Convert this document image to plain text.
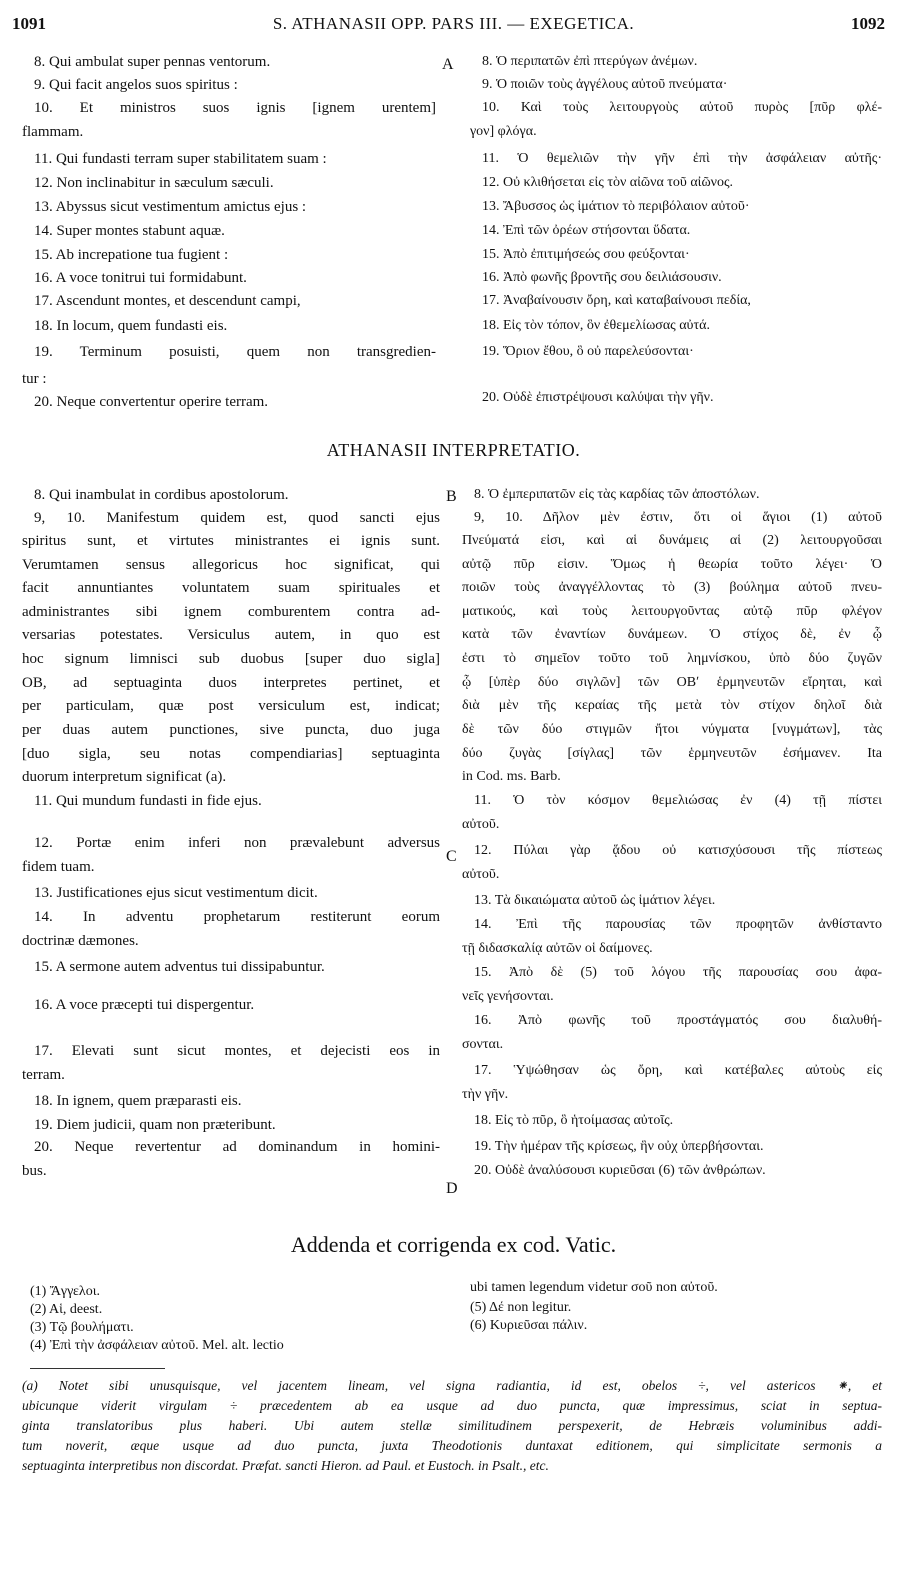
1091	S. ATHANASII OPP. PARS III. — EXEGETICA.	1092
8. Qui ambulat super pennas ventorum.
9. Qui facit angelos suos spiritus :
10. Et ministros suos ignis [ignem urentem]
flammam.
11. Qui fundasti terram super stabilitatem suam :
12. Non inclinabitur in sæculum sæculi.
13. Abyssus sicut vestimentum amictus ejus :
14. Super montes stabunt aquæ.
15. Ab increpatione tua fugient :
16. A voce tonitrui tui formidabunt.
17. Ascendunt montes, et descendunt campi,
18. In locum, quem fundasti eis.
19. Terminum posuisti, quem non transgredien-
tur :
20. Neque convertentur operire terram.
8. Ὁ περιπατῶν ἐπὶ πτερύγων ἀνέμων.
9. Ὁ ποιῶν τοὺς ἀγγέλους αὐτοῦ πνεύματα·
10. Καὶ τοὺς λειτουργοὺς αὐτοῦ πυρὸς [πῦρ φλέ-
γον] φλόγα.
11. Ὁ θεμελιῶν τὴν γῆν ἐπὶ τὴν ἀσφάλειαν αὐτῆς·
12. Οὐ κλιθήσεται εἰς τὸν αἰῶνα τοῦ αἰῶνος.
13. Ἄβυσσος ὡς ἱμάτιον τὸ περιβόλαιον αὐτοῦ·
14. Ἐπὶ τῶν ὀρέων στήσονται ὕδατα.
15. Ἀπὸ ἐπιτιμήσεώς σου φεύξονται·
16. Ἀπὸ φωνῆς βροντῆς σου δειλιάσουσιν.
17. Ἀναβαίνουσιν ὄρη, καὶ καταβαίνουσι πεδία,
18. Εἰς τὸν τόπον, ὃν ἐθεμελίωσας αὐτά.
19. Ὅριον ἔθου, ὃ οὐ παρελεύσονται·
20. Οὐδὲ ἐπιστρέψουσι καλύψαι τὴν γῆν.
A
ATHANASII INTERPRETATIO.
8. Qui inambulat in cordibus apostolorum.
9, 10. Manifestum quidem est, quod sancti ejus
spiritus sunt, et virtutes ministrantes ei ignis sunt.
Verumtamen sensus allegoricus hoc significat, qui
facit annuntiantes voluntatem suam spirituales et
administrantes sibi ignem comburentem contra ad-
versarias potestates. Versiculus autem, in quo est
hoc signum limnisci sub duobus [super duo sigla]
OB, ad septuaginta duos interpretes pertinet, et
per particulam, quæ post versiculum est, indicat;
per duas autem punctiones, sive puncta, duo juga
[duo sigla, seu notas compendiarias] septuaginta
duorum interpretum significat (a).
11. Qui mundum fundasti in fide ejus.
12. Portæ enim inferi non prævalebunt adversus
fidem tuam.
13. Justificationes ejus sicut vestimentum dicit.
14. In adventu prophetarum restiterunt eorum
doctrinæ dæmones.
15. A sermone autem adventus tui dissipabuntur.
16. A voce præcepti tui dispergentur.
17. Elevati sunt sicut montes, et dejecisti eos in
terram.
18. In ignem, quem præparasti eis.
19. Diem judicii, quam non præteribunt.
20. Neque revertentur ad dominandum in homini-
bus.
8. Ὁ ἐμπεριπατῶν εἰς τὰς καρδίας τῶν ἀποστόλων.
9, 10. Δῆλον μὲν ἐστιν, ὅτι οἱ ἅγιοι (1) αὐτοῦ
Πνεύματά εἰσι, καὶ αἱ δυνάμεις αἱ (2) λειτουργοῦσαι
αὐτῷ πῦρ εἰσιν. Ὅμως ἡ θεωρία τοῦτο λέγει· Ὁ
ποιῶν τοὺς ἀναγγέλλοντας τὸ (3) βούλημα αὐτοῦ πνευ-
ματικούς, καὶ τοὺς λειτουργοῦντας αὐτῷ πῦρ φλέγον
κατὰ τῶν ἐναντίων δυνάμεων. Ὁ στίχος δὲ, ἐν ᾧ
ἐστι τὸ σημεῖον τοῦτο τοῦ λημνίσκου, ὑπὸ δύο ζυγῶν
ᾧ [ὑπὲρ δύο σιγλῶν] τῶν ΟΒʹ ἑρμηνευτῶν εἴρηται, καὶ
διὰ μὲν τῆς κεραίας τῆς μετὰ τὸν στίχον δηλοῖ διὰ
δὲ τῶν δύο στιγμῶν ἤτοι νύγματα [νυγμάτων], τὰς
δύο ζυγὰς [σίγλας] τῶν ἑρμηνευτῶν ἐσήμανεν. Ita
in Cod. ms. Barb.
11. Ὁ τὸν κόσμον θεμελιώσας ἐν (4) τῇ πίστει
αὐτοῦ.
12. Πύλαι γὰρ ᾅδου οὐ κατισχύσουσι τῆς πίστεως
αὐτοῦ.
13. Τὰ δικαιώματα αὐτοῦ ὡς ἱμάτιον λέγει.
14. Ἐπὶ τῆς παρουσίας τῶν προφητῶν ἀνθίσταντο
τῇ διδασκαλίᾳ αὐτῶν οἱ δαίμονες.
15. Ἀπὸ δὲ (5) τοῦ λόγου τῆς παρουσίας σου ἀφα-
νεῖς γενήσονται.
16. Ἀπὸ φωνῆς τοῦ προστάγματός σου διαλυθή-
σονται.
17. Ὑψώθησαν ὡς ὄρη, καὶ κατέβαλες αὐτοὺς εἰς
τὴν γῆν.
18. Εἰς τὸ πῦρ, ὃ ἡτοίμασας αὐτοῖς.
19. Τὴν ἡμέραν τῆς κρίσεως, ἣν οὐχ ὑπερβήσονται.
20. Οὐδὲ ἀναλύσουσι κυριεῦσαι (6) τῶν ἀνθρώπων.
B
C
D
Addenda et corrigenda ex cod. Vatic.
(1) Ἄγγελοι.
(2) Αἱ, deest.
(3) Τῷ βουλήματι.
(4) Ἐπὶ τὴν ἀσφάλειαν αὐτοῦ. Mel. alt. lectio
ubi tamen legendum videtur σοῦ non αὐτοῦ.
(5) Δέ non legitur.
(6) Κυριεῦσαι πάλιν.
(a) Notet sibi unusquisque, vel jacentem lineam, vel signa radiantia, id est, obelos ÷, vel astericos ⁕, et
ubicunque viderit virgulam ÷ præcedentem ab ea usque ad duo puncta, quæ impressimus, sciat in septua-
ginta translatoribus plus haberi. Ubi autem stellæ similitudinem perspexerit, de Hebræis voluminibus addi-
tum noverit, æque usque ad duo puncta, juxta Theodotionis duntaxat editionem, qui simplicitate sermonis a
septuaginta interpretibus non discordat. Præfat. sancti Hieron. ad Paul. et Eustoch. in Psalt., etc.
